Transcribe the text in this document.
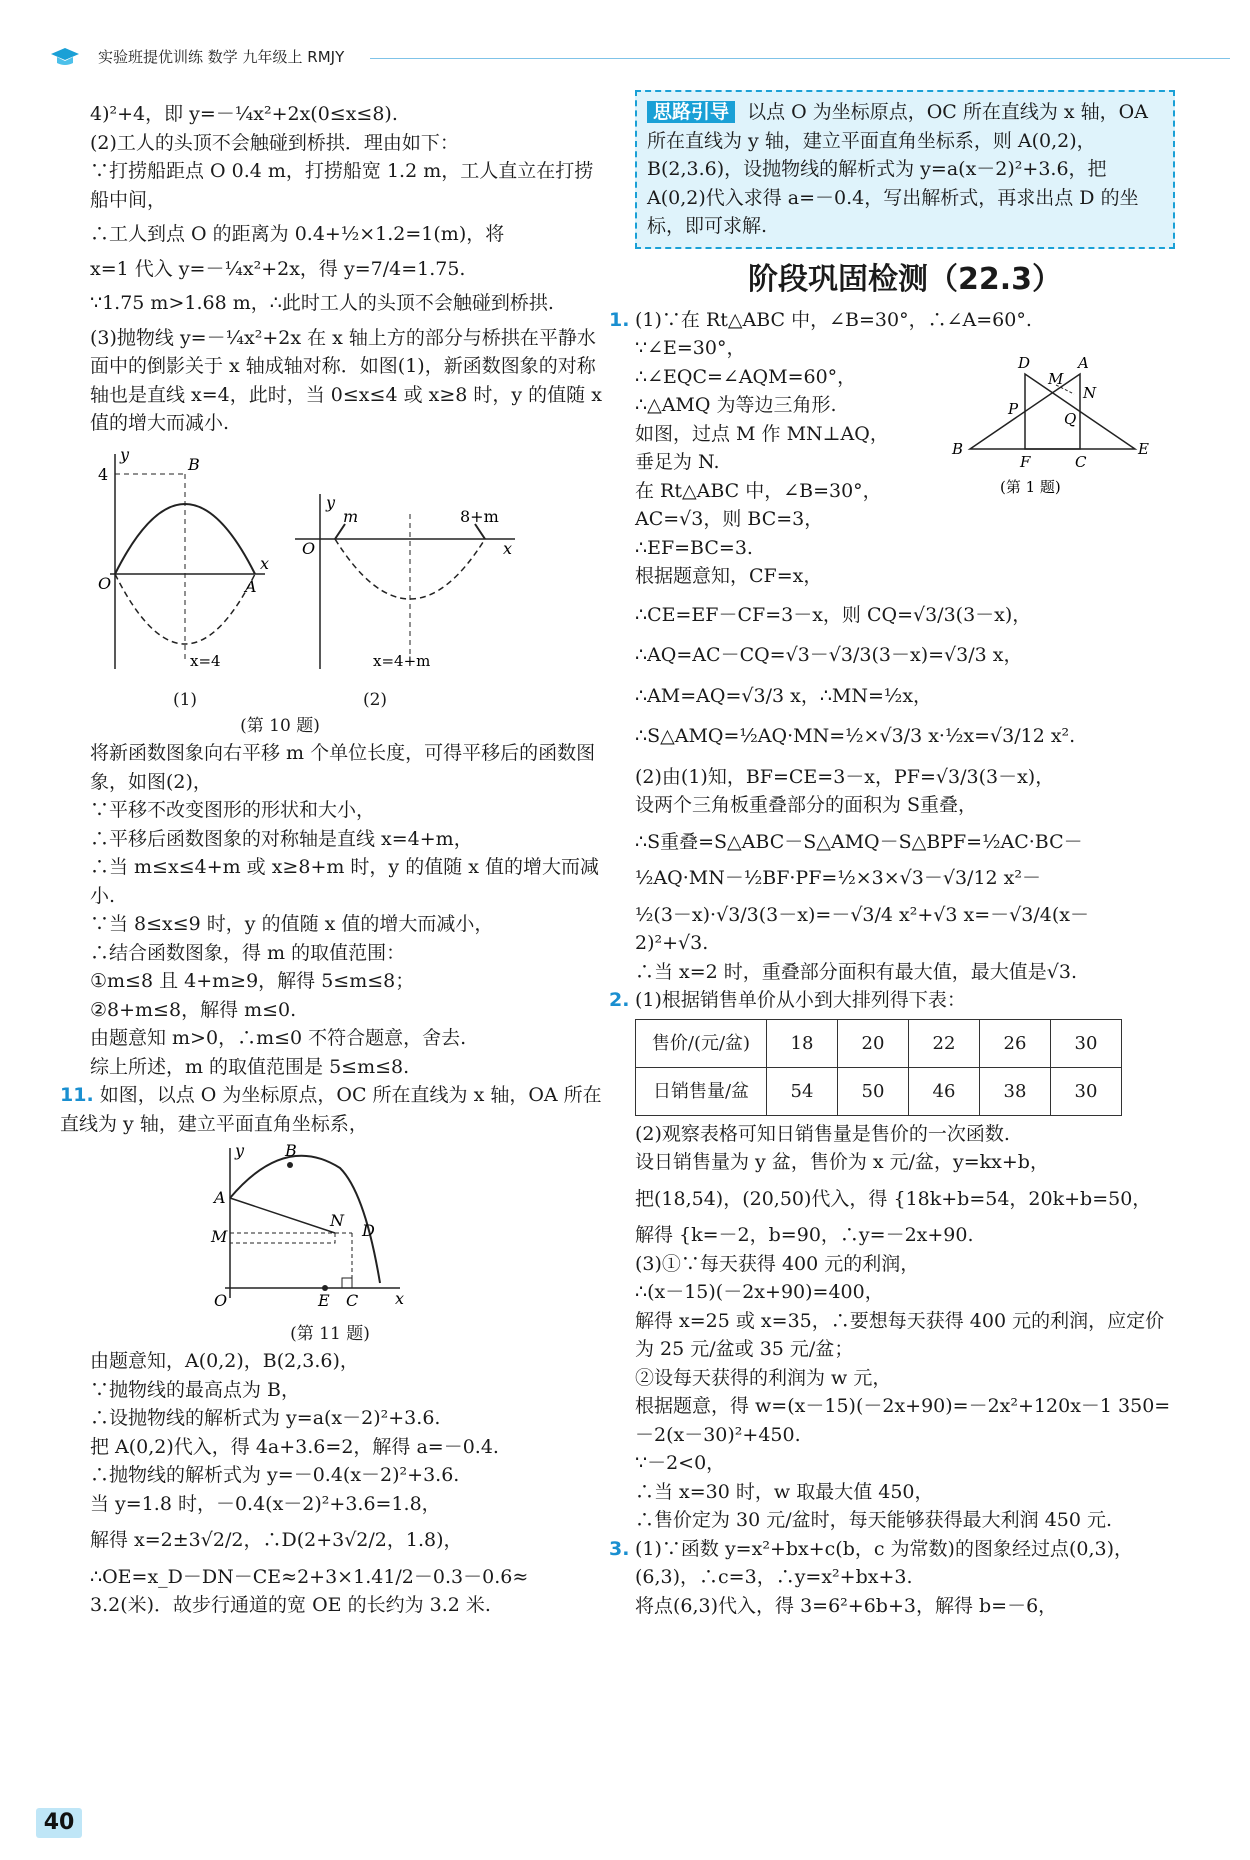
实验班提优训练 数学 九年级上 RMJY

4)²+4，即 y=－¼x²+2x(0≤x≤8).

(2)工人的头顶不会触碰到桥拱．理由如下：

∵打捞船距点 O 0.4 m，打捞船宽 1.2 m，工人直立在打捞船中间，

∴工人到点 O 的距离为 0.4+½×1.2=1(m)，将

x=1 代入 y=－¼x²+2x，得 y=7/4=1.75.

∵1.75 m>1.68 m，∴此时工人的头顶不会触碰到桥拱.

(3)抛物线 y=－¼x²+2x 在 x 轴上方的部分与桥拱在平静水面中的倒影关于 x 轴成轴对称．如图(1)，新函数图象的对称轴也是直线 x=4，此时，当 0≤x≤4 或 x≥8 时，y 的值随 x 值的增大而减小.

y
x
O
B
A
4
x=4
y
x
O
m	8+m
x=4+m
(1)	(2)
(第 10 题)

将新函数图象向右平移 m 个单位长度，可得平移后的函数图象，如图(2)，

∵平移不改变图形的形状和大小，

∴平移后函数图象的对称轴是直线 x=4+m，

∴当 m≤x≤4+m 或 x≥8+m 时，y 的值随 x 值的增大而减小.

∵当 8≤x≤9 时，y 的值随 x 值的增大而减小，

∴结合函数图象，得 m 的取值范围：

①m≤8 且 4+m≥9，解得 5≤m≤8；

②8+m≤8，解得 m≤0.

由题意知 m>0，∴m≤0 不符合题意，舍去.

综上所述，m 的取值范围是 5≤m≤8.

11. 如图，以点 O 为坐标原点，OC 所在直线为 x 轴，OA 所在直线为 y 轴，建立平面直角坐标系，

y
x
O
A
B
M
N
D
E C
(第 11 题)

由题意知，A(0,2)，B(2,3.6)，

∵抛物线的最高点为 B，

∴设抛物线的解析式为 y=a(x－2)²+3.6.

把 A(0,2)代入，得 4a+3.6=2，解得 a=－0.4.

∴抛物线的解析式为 y=－0.4(x－2)²+3.6.

当 y=1.8 时，－0.4(x－2)²+3.6=1.8，

解得 x=2±3√2/2，∴D(2+3√2/2，1.8)，

∴OE=x_D－DN－CE≈2+3×1.41/2－0.3－0.6≈

3.2(米)．故步行通道的宽 OE 的长约为 3.2 米.

思路引导 以点 O 为坐标原点，OC 所在直线为 x 轴，OA 所在直线为 y 轴，建立平面直角坐标系，则 A(0,2)，B(2,3.6)，设抛物线的解析式为 y=a(x－2)²+3.6，把 A(0,2)代入求得 a=－0.4，写出解析式，再求出点 D 的坐标，即可求解.
阶段巩固检测（22.3）
1. (1)∵在 Rt△ABC 中，∠B=30°，∴∠A=60°.

∵∠E=30°，∴∠EQC=∠AQM=60°，

∴△AMQ 为等边三角形.

如图，过点 M 作 MN⊥AQ，

垂足为 N.

在 Rt△ABC 中，∠B=30°，

AC=√3，则 BC=3，

∴EF=BC=3.

根据题意知，CF=x，

D
M
A
N
P
Q
B
F	C
E
(第 1 题)

∴CE=EF－CF=3－x，则 CQ=√3/3(3－x)，

∴AQ=AC－CQ=√3－√3/3(3－x)=√3/3 x，

∴AM=AQ=√3/3 x，∴MN=½x，

∴S△AMQ=½AQ·MN=½×√3/3 x·½x=√3/12 x².

(2)由(1)知，BF=CE=3－x，PF=√3/3(3－x)，

设两个三角板重叠部分的面积为 S重叠，

∴S重叠=S△ABC－S△AMQ－S△BPF=½AC·BC－

½AQ·MN－½BF·PF=½×3×√3－√3/12 x²－

½(3－x)·√3/3(3－x)=－√3/4 x²+√3 x=－√3/4(x－

2)²+√3.

∴当 x=2 时，重叠部分面积有最大值，最大值是√3.

2. (1)根据销售单价从小到大排列得下表：

售价/(元/盆)	18	20	22	26	30
日销售量/盆	54	50	46	38	30

(2)观察表格可知日销售量是售价的一次函数.

设日销售量为 y 盆，售价为 x 元/盆，y=kx+b，

把(18,54)，(20,50)代入，得 {18k+b=54，20k+b=50，

解得 {k=－2，b=90，∴y=－2x+90.

(3)①∵每天获得 400 元的利润，

∴(x－15)(－2x+90)=400，

解得 x=25 或 x=35，∴要想每天获得 400 元的利润，应定价为 25 元/盆或 35 元/盆；

②设每天获得的利润为 w 元，

根据题意，得 w=(x－15)(－2x+90)=－2x²+120x－1 350=－2(x－30)²+450.

∵－2<0，

∴当 x=30 时，w 取最大值 450，

∴售价定为 30 元/盆时，每天能够获得最大利润 450 元.

3. (1)∵函数 y=x²+bx+c(b，c 为常数)的图象经过点(0,3)，(6,3)，∴c=3，∴y=x²+bx+3.

将点(6,3)代入，得 3=6²+6b+3，解得 b=－6，

40
